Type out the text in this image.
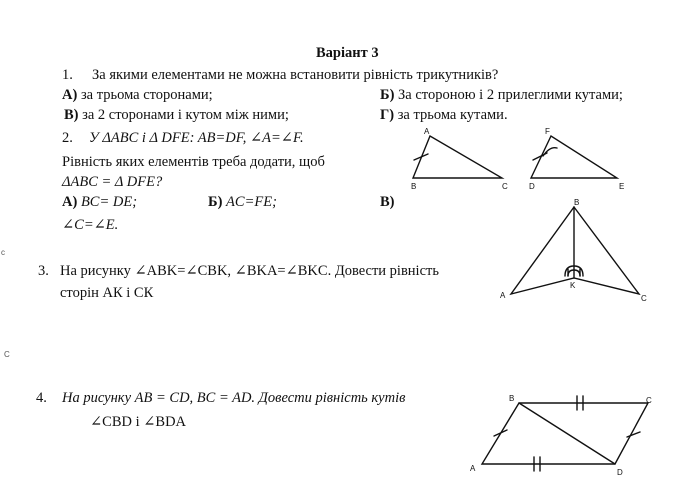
Варіант 3
1. За якими елементами не можна встановити рівність трикутників?
А) за трьома сторонами;	Б) За стороною і 2 прилеглими кутами;
В) за 2 сторонами і кутом між ними;	Г) за трьома кутами.
2. У ΔABC і Δ DFE: AB=DF, ∠A=∠F.
Рівність яких елементів треба додати, щоб
ΔABC = Δ DFE?
А) BC= DE;	Б) AC=FE;	В)
∠C=∠E.
3. На рисунку ∠ABK=∠CBK, ∠BKA=∠BKC. Довести рівність
сторін АК і СК
4. На рисунку AB = CD, BC = AD. Довести рівність кутів
∠CBD і ∠BDA
c
C
A
B	C
F
D	E
B
A
K
C
B	C
A	D
